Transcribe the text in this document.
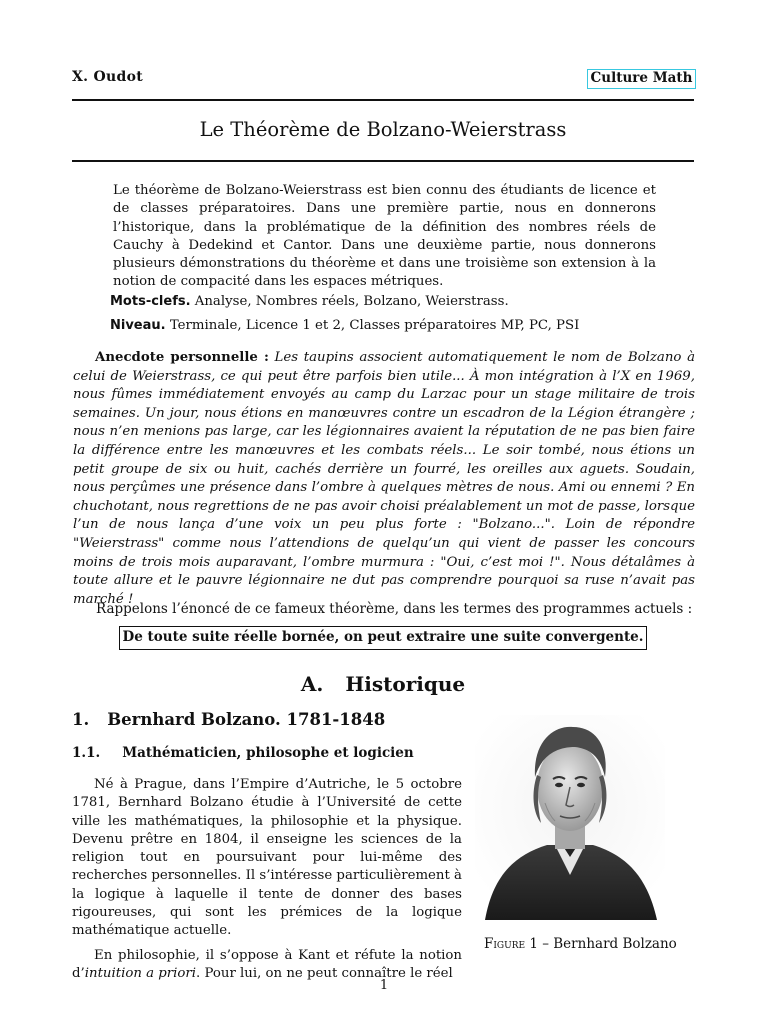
X. Oudot	Culture Math
Le Théorème de Bolzano-Weierstrass
Le théorème de Bolzano-Weierstrass est bien connu des étudiants de licence et de classes préparatoires. Dans une première partie, nous en donnerons l’historique, dans la problématique de la définition des nombres réels de Cauchy à Dedekind et Cantor. Dans une deuxième partie, nous donnerons plusieurs démonstrations du théorème et dans une troisième son extension à la notion de compacité dans les espaces métriques.
Mots-clefs. Analyse, Nombres réels, Bolzano, Weierstrass.
Niveau. Terminale, Licence 1 et 2, Classes préparatoires MP, PC, PSI
Anecdote personnelle : Les taupins associent automatiquement le nom de Bolzano à celui de Weierstrass, ce qui peut être parfois bien utile... À mon intégration à l’X en 1969, nous fûmes immédiatement envoyés au camp du Larzac pour un stage militaire de trois semaines. Un jour, nous étions en manœuvres contre un escadron de la Légion étrangère ; nous n’en menions pas large, car les légionnaires avaient la réputation de ne pas bien faire la différence entre les manœuvres et les combats réels... Le soir tombé, nous étions un petit groupe de six ou huit, cachés derrière un fourré, les oreilles aux aguets. Soudain, nous perçûmes une présence dans l’ombre à quelques mètres de nous. Ami ou ennemi ? En chuchotant, nous regrettions de ne pas avoir choisi préalablement un mot de passe, lorsque l’un de nous lança d’une voix un peu plus forte : "Bolzano...". Loin de répondre "Weierstrass" comme nous l’attendions de quelqu’un qui vient de passer les concours moins de trois mois auparavant, l’ombre murmura : "Oui, c’est moi !". Nous détalâmes à toute allure et le pauvre légionnaire ne dut pas comprendre pourquoi sa ruse n’avait pas marché !
Rappelons l’énoncé de ce fameux théorème, dans les termes des programmes actuels :
De toute suite réelle bornée, on peut extraire une suite convergente.
A. Historique
1. Bernhard Bolzano. 1781-1848
1.1. Mathématicien, philosophe et logicien

Né à Prague, dans l’Empire d’Autriche, le 5 octobre 1781, Bernhard Bolzano étudie à l’Université de cette ville les mathématiques, la philosophie et la physique. Devenu prêtre en 1804, il enseigne les sciences de la religion tout en poursuivant pour lui-même des recherches personnelles. Il s’intéresse particulièrement à la logique à laquelle il tente de donner des bases rigoureuses, qui sont les prémices de la logique mathématique actuelle.

En philosophie, il s’oppose à Kant et réfute la notion d’intuition a priori. Pour lui, on ne peut connaître le réel

Figure 1 – Bernhard Bolzano
1
